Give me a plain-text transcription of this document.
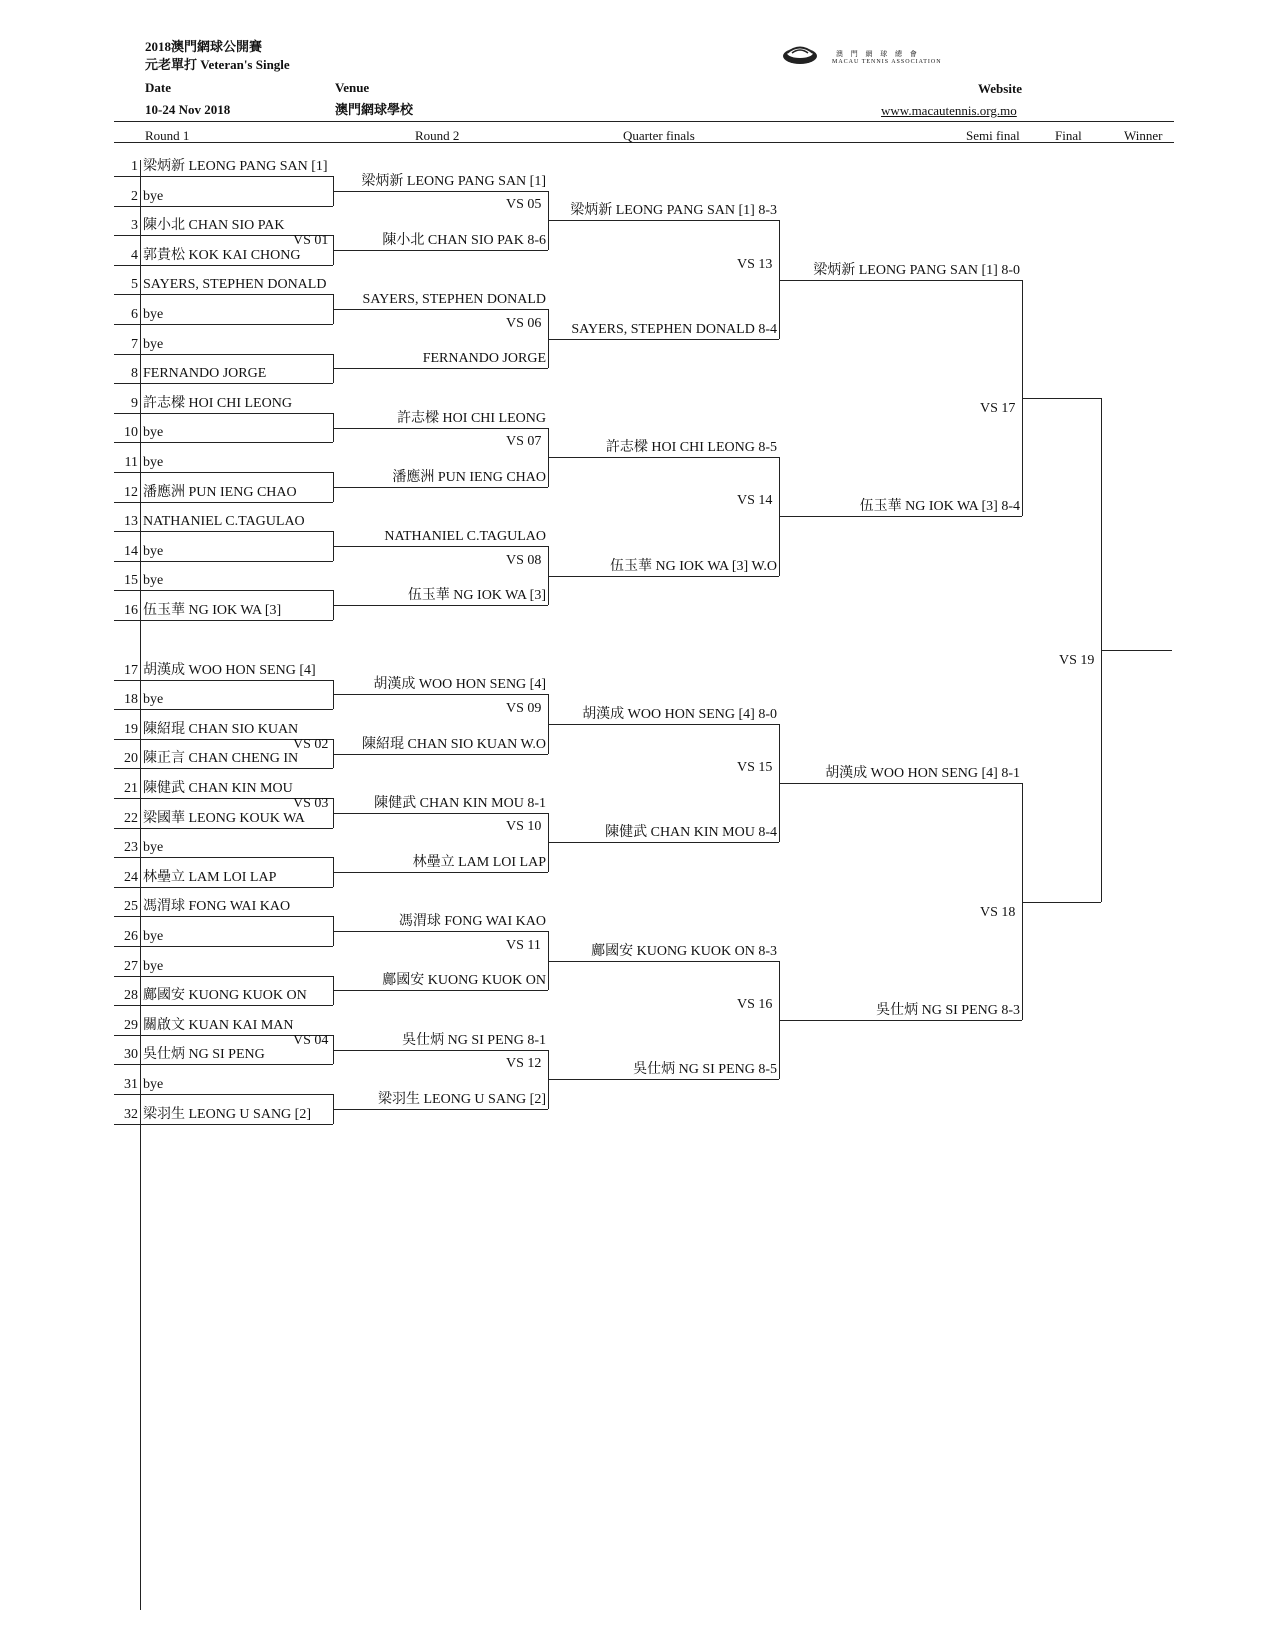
2018澳門網球公開賽
元老單打 Veteran's Single
Date
10-24 Nov 2018
Venue
澳門網球學校
Website
www.macautennis.org.mo
澳 門 網 球 總 會
MACAU TENNIS ASSOCIATION
Round 1	Round 2	Quarter finals	Semi final	Final	Winner
1 梁炳新 LEONG PANG SAN [1]
2 bye
3 陳小北 CHAN SIO PAK
4 郭貴松 KOK KAI CHONG
5 SAYERS, STEPHEN DONALD
6 bye
7 bye
8 FERNANDO JORGE
9 許志樑 HOI CHI LEONG
10 bye
11 bye
12 潘應洲 PUN IENG CHAO
13 NATHANIEL C.TAGULAO
14 bye
15 bye
16 伍玉華 NG IOK WA [3]
17 胡漢成 WOO HON SENG [4]
18 bye
19 陳紹琨 CHAN SIO KUAN
20 陳正言 CHAN CHENG IN
21 陳健武 CHAN KIN MOU
22 梁國華 LEONG KOUK WA
23 bye
24 林壘立 LAM LOI LAP
25 馮渭球 FONG WAI KAO
26 bye
27 bye
28 鄺國安 KUONG KUOK ON
29 關啟文 KUAN KAI MAN
30 吳仕炳 NG SI PENG
31 bye
32 梁羽生 LEONG U SANG [2]
梁炳新 LEONG PANG SAN [1]
陳小北 CHAN SIO PAK 8-6
SAYERS, STEPHEN DONALD
FERNANDO JORGE
許志樑 HOI CHI LEONG
潘應洲 PUN IENG CHAO
NATHANIEL C.TAGULAO
伍玉華 NG IOK WA [3]
胡漢成 WOO HON SENG [4]
陳紹琨 CHAN SIO KUAN W.O
陳健武 CHAN KIN MOU 8-1
林壘立 LAM LOI LAP
馮渭球 FONG WAI KAO
鄺國安 KUONG KUOK ON
吳仕炳 NG SI PENG 8-1
梁羽生 LEONG U SANG [2]
VS 01
VS 02
VS 03
VS 04
梁炳新 LEONG PANG SAN [1] 8-3
VS 05
SAYERS, STEPHEN DONALD 8-4
VS 06
許志樑 HOI CHI LEONG 8-5
VS 07
伍玉華 NG IOK WA [3] W.O
VS 08
胡漢成 WOO HON SENG [4] 8-0
VS 09
陳健武 CHAN KIN MOU 8-4
VS 10
鄺國安 KUONG KUOK ON 8-3
VS 11
吳仕炳 NG SI PENG 8-5
VS 12
梁炳新 LEONG PANG SAN [1] 8-0
VS 13
伍玉華 NG IOK WA [3] 8-4
VS 14
胡漢成 WOO HON SENG [4] 8-1
VS 15
吳仕炳 NG SI PENG 8-3
VS 16
VS 17
VS 18
VS 19
